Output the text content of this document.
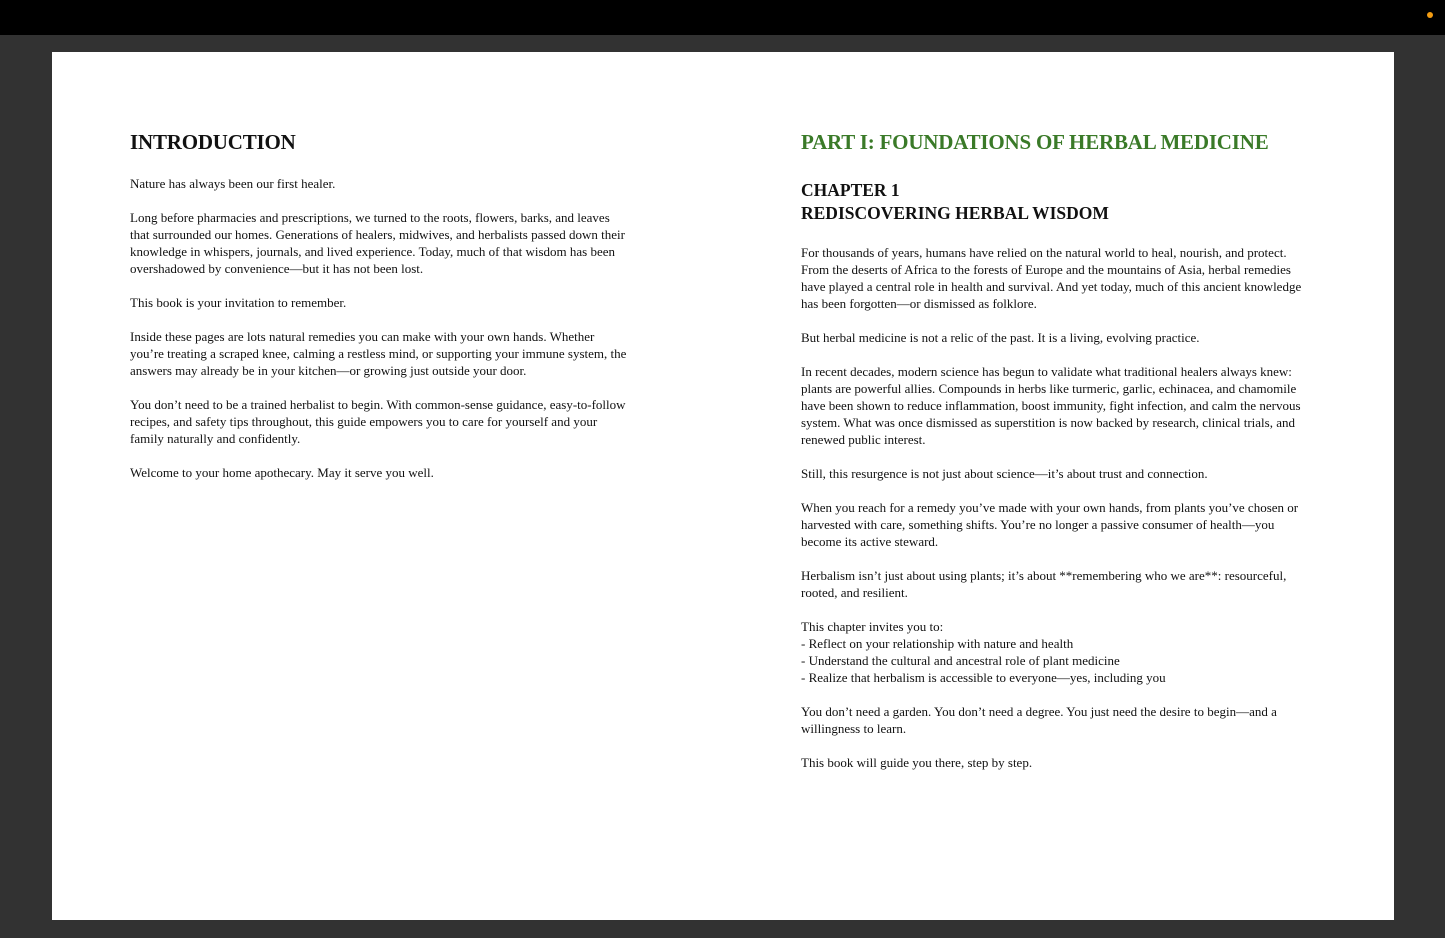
INTRODUCTION

Nature has always been our first healer.

Long before pharmacies and prescriptions, we turned to the roots, flowers, barks, and leaves that surrounded our homes. Generations of healers, midwives, and herbalists passed down their knowledge in whispers, journals, and lived experience. Today, much of that wisdom has been overshadowed by convenience—but it has not been lost.

This book is your invitation to remember.

Inside these pages are lots natural remedies you can make with your own hands. Whether you’re treating a scraped knee, calming a restless mind, or supporting your immune system, the answers may already be in your kitchen—or growing just outside your door.

You don’t need to be a trained herbalist to begin. With common-sense guidance, easy-to-follow recipes, and safety tips throughout, this guide empowers you to care for yourself and your family naturally and confidently.

Welcome to your home apothecary. May it serve you well.

PART I: FOUNDATIONS OF HERBAL MEDICINE

CHAPTER 1

REDISCOVERING HERBAL WISDOM

For thousands of years, humans have relied on the natural world to heal, nourish, and protect. From the deserts of Africa to the forests of Europe and the mountains of Asia, herbal remedies have played a central role in health and survival. And yet today, much of this ancient knowledge has been forgotten—or dismissed as folklore.

But herbal medicine is not a relic of the past. It is a living, evolving practice.

In recent decades, modern science has begun to validate what traditional healers always knew: plants are powerful allies. Compounds in herbs like turmeric, garlic, echinacea, and chamomile have been shown to reduce inflammation, boost immunity, fight infection, and calm the nervous system. What was once dismissed as superstition is now backed by research, clinical trials, and renewed public interest.

Still, this resurgence is not just about science—it’s about trust and connection.

When you reach for a remedy you’ve made with your own hands, from plants you’ve chosen or harvested with care, something shifts. You’re no longer a passive consumer of health—you become its active steward.

Herbalism isn’t just about using plants; it’s about **remembering who we are**: resourceful, rooted, and resilient.

This chapter invites you to:
- Reflect on your relationship with nature and health
- Understand the cultural and ancestral role of plant medicine
- Realize that herbalism is accessible to everyone—yes, including you

You don’t need a garden. You don’t need a degree. You just need the desire to begin—and a willingness to learn.

This book will guide you there, step by step.
